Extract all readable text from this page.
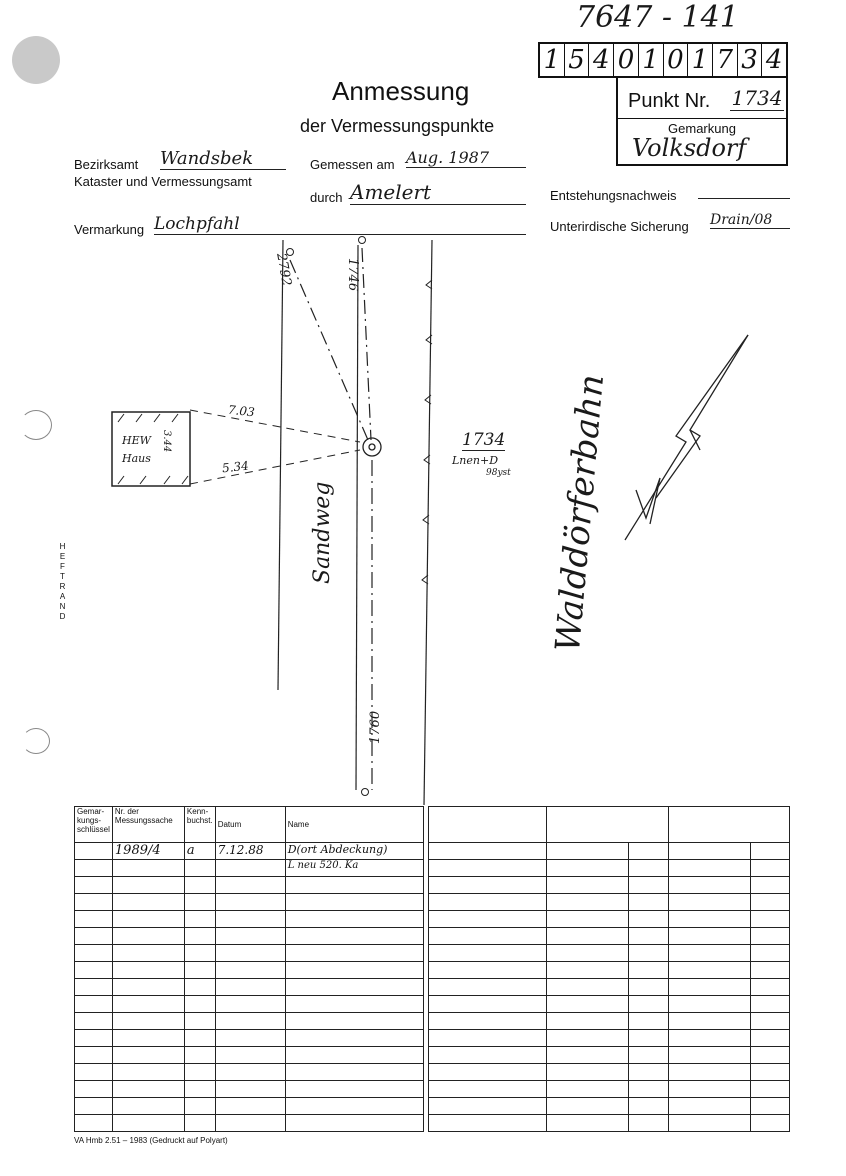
7647 - 141
1 5 4 0 1 0 1 7 3 4
Punkt Nr. 1734
Gemarkung
Volksdorf
Anmessung
der Vermessungspunkte
Bezirksamt Wandsbek
Kataster und Vermessungsamt
Gemessen am Aug. 1987
durch Amelert	Entstehungsnachweis
Vermarkung Lochpfahl	Unterirdische Sicherung Drain/08
HEFTRAND
2792	1746
1760
1734
Lnen+D
98yst
7.03
5.34
3.44
HEW
Haus
Sandweg	Walddörferbahn
Gemar-kungs-schlüssel	Nr. der Messungssache	Kenn-buchst.	Datum	Name
	1989/4	a	7.12.88	D(ort Abdeckung)
				L neu 520. Ka

VA Hmb 2.51 – 1983 (Gedruckt auf Polyart)
